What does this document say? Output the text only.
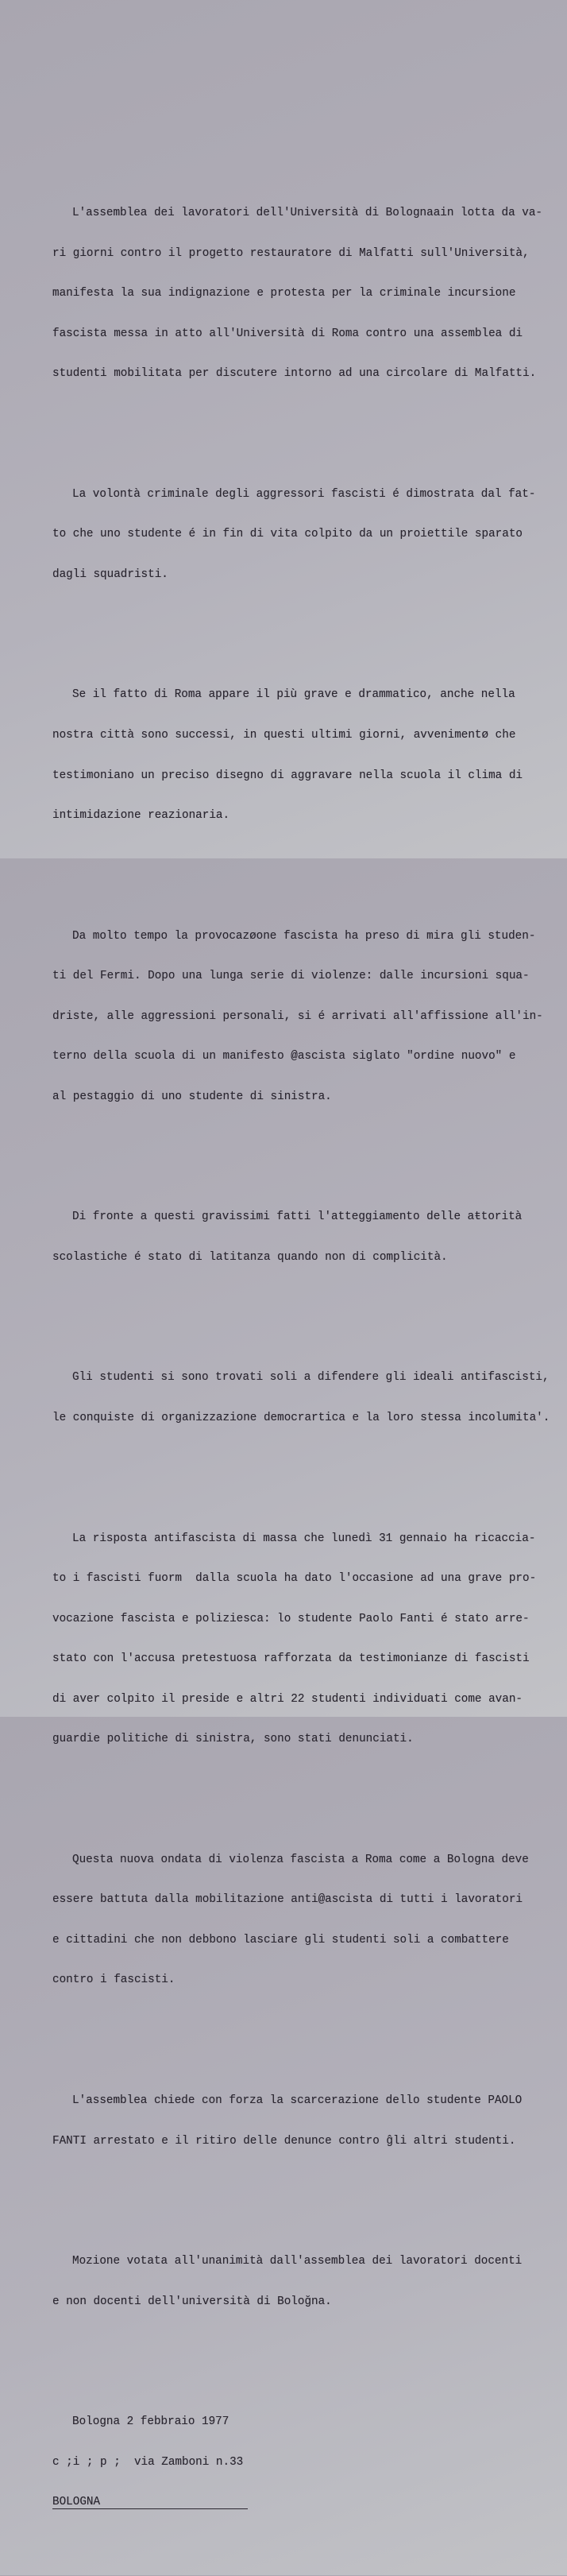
L'assemblea dei lavoratori dell'Università di Bolognaain lotta da va-

ri giorni contro il progetto restauratore di Malfatti sull'Università,

manifesta la sua indignazione e protesta per la criminale incursione

fascista messa in atto all'Università di Roma contro una assemblea di

studenti mobilitata per discutere intorno ad una circolare di Malfatti.

La volontà criminale degli aggressori fascisti é dimostrata dal fat-

to che uno studente é in fin di vita colpito da un proiettile sparato

dagli squadristi.

Se il fatto di Roma appare il più grave e drammatico, anche nella

nostra città sono successi, in questi ultimi giorni, avvenimentø che

testimoniano un preciso disegno di aggravare nella scuola il clima di

intimidazione reazionaria.

Da molto tempo la provocazøone fascista ha preso di mira gli studen-

ti del Fermi. Dopo una lunga serie di violenze: dalle incursioni squa-

driste, alle aggressioni personali, si é arrivati all'affissione all'in-

terno della scuola di un manifesto @ascista siglato "ordine nuovo" e

al pestaggio di uno studente di sinistra.

Di fronte a questi gravissimi fatti l'atteggiamento delle aŧtorità

scolastiche é stato di latitanza quando non di complicità.

Gli studenti si sono trovati soli a difendere gli ideali antifascisti,

le conquiste di organizzazione democrartica e la loro stessa incolumita'.

La risposta antifascista di massa che lunedì 31 gennaio ha ricaccia-

to i fascisti fuorm  dalla scuola ha dato l'occasione ad una grave pro-

vocazione fascista e poliziesca: lo studente Paolo Fanti é stato arre-

stato con l'accusa pretestuosa rafforzata da testimonianze di fascisti

di aver colpito il preside e altri 22 studenti individuati come avan-

guardie politiche di sinistra, sono stati denunciati.

Questa nuova ondata di violenza fascista a Roma come a Bologna deve

essere battuta dalla mobilitazione anti@ascista di tutti i lavoratori

e cittadini che non debbono lasciare gli studenti soli a combattere

contro i fascisti.

L'assemblea chiede con forza la scarcerazione dello studente PAOLO

FANTI arrestato e il ritiro delle denunce contro ĝli altri studenti.

Mozione votata all'unanimità dall'assemblea dei lavoratori docenti

e non docenti dell'università di Boloğna.

Bologna 2 febbraio 1977

c ;i ; p ;  via Zamboni n.33

BOLOGNA
